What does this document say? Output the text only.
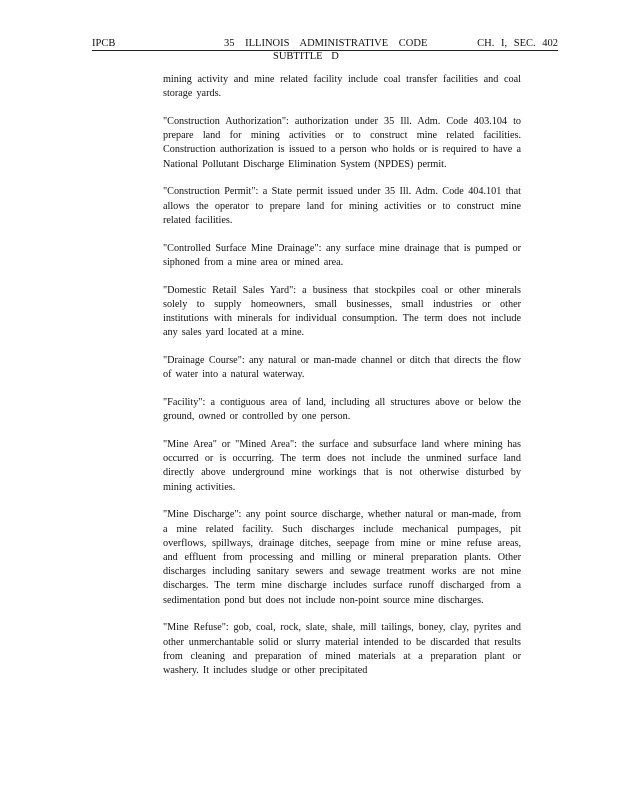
IPCB	35 ILLINOIS ADMINISTRATIVE CODE	CH. I, SEC. 402
SUBTITLE D

mining activity and mine related facility include coal transfer facilities and coal storage yards.

"Construction Authorization": authorization under 35 Ill. Adm. Code 403.104 to prepare land for mining activities or to construct mine related facilities. Construction authorization is issued to a person who holds or is required to have a National Pollutant Discharge Elimination System (NPDES) permit.

"Construction Permit": a State permit issued under 35 Ill. Adm. Code 404.101 that allows the operator to prepare land for mining activities or to construct mine related facilities.

"Controlled Surface Mine Drainage": any surface mine drainage that is pumped or siphoned from a mine area or mined area.

"Domestic Retail Sales Yard": a business that stockpiles coal or other minerals solely to supply homeowners, small businesses, small industries or other institutions with minerals for individual consumption. The term does not include any sales yard located at a mine.

"Drainage Course": any natural or man-made channel or ditch that directs the flow of water into a natural waterway.

"Facility": a contiguous area of land, including all structures above or below the ground, owned or controlled by one person.

"Mine Area" or "Mined Area": the surface and subsurface land where mining has occurred or is occurring. The term does not include the unmined surface land directly above underground mine workings that is not otherwise disturbed by mining activities.

"Mine Discharge": any point source discharge, whether natural or man-made, from a mine related facility. Such discharges include mechanical pumpages, pit overflows, spillways, drainage ditches, seepage from mine or mine refuse areas, and effluent from processing and milling or mineral preparation plants. Other discharges including sanitary sewers and sewage treatment works are not mine discharges. The term mine discharge includes surface runoff discharged from a sedimentation pond but does not include non-point source mine discharges.

"Mine Refuse": gob, coal, rock, slate, shale, mill tailings, boney, clay, pyrites and other unmerchantable solid or slurry material intended to be discarded that results from cleaning and preparation of mined materials at a preparation plant or washery. It includes sludge or other precipitated
